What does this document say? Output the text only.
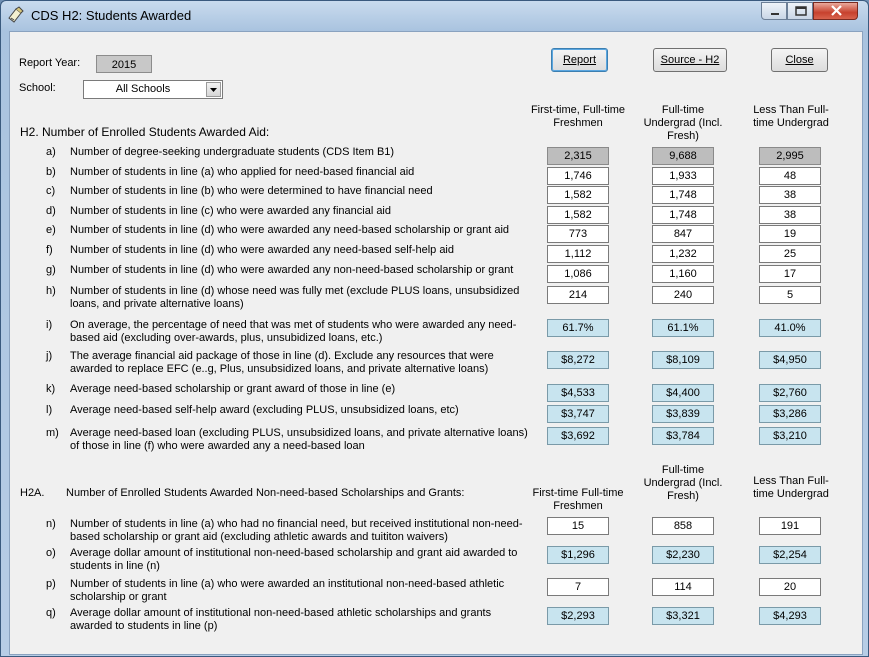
CDS H2: Students Awarded
Report Year:	2015
School:	All Schools
Report	Source - H2	Close
H2. Number of Enrolled Students Awarded Aid:
First-time, Full-time Freshmen
Full-time Undergrad (Incl. Fresh)
Less Than Full-time Undergrad
a)	Number of degree-seeking undergraduate students (CDS Item B1)	2,315	9,688	2,995
b)	Number of students in line (a) who applied for need-based financial aid	1,746	1,933	48
c)	Number of students in line (b) who were determined to have financial need	1,582	1,748	38
d)	Number of students in line (c) who were awarded any financial aid	1,582	1,748	38
e)	Number of students in line (d) who were awarded any need-based scholarship or grant aid	773	847	19
f)	Number of students in line (d) who were awarded any need-based self-help aid	1,112	1,232	25
g)	Number of students in line (d) who were awarded any non-need-based scholarship or grant	1,086	1,160	17
h)	Number of students in line (d) whose need was fully met (exclude PLUS loans, unsubsidized loans, and private alternative loans)
214	240	5
i)	On average, the percentage of need that was met of students who were awarded any need-based aid (excluding over-awards, plus, unsubidized loans, etc.)
61.7%	61.1%	41.0%
j)	The average financial aid package of those in line (d). Exclude any resources that were awarded to replace EFC (e..g, Plus, unsubsidized loans, and private alternative loans)
$8,272	$8,109	$4,950
k)	Average need-based scholarship or grant award of those in line (e)	$4,533	$4,400	$2,760
l)	Average need-based self-help award (excluding PLUS, unsubsidized loans, etc)	$3,747	$3,839	$3,286
m) Average need-based loan (excluding PLUS, unsubsidized loans, and private alternative loans) of those in line (f) who were awarded any a need-based loan
$3,692	$3,784	$3,210
H2A. Number of Enrolled Students Awarded Non-need-based Scholarships and Grants:	First-time Full-time Freshmen
Full-time Undergrad (Incl. Fresh)
Less Than Full-time Undergrad
n)	Number of students in line (a) who had no financial need, but received institutional non-need-based scholarship or grant aid (excluding athletic awards and tuititon waivers)
15	858	191
o)	Average dollar amount of institutional non-need-based scholarship and grant aid awarded to students in line (n)
$1,296	$2,230	$2,254
p)	Number of students in line (a) who were awarded an institutional non-need-based athletic scholarship or grant
7	114	20
q)	Average dollar amount of institutional non-need-based athletic scholarships and grants awarded to students in line (p)
$2,293	$3,321	$4,293
